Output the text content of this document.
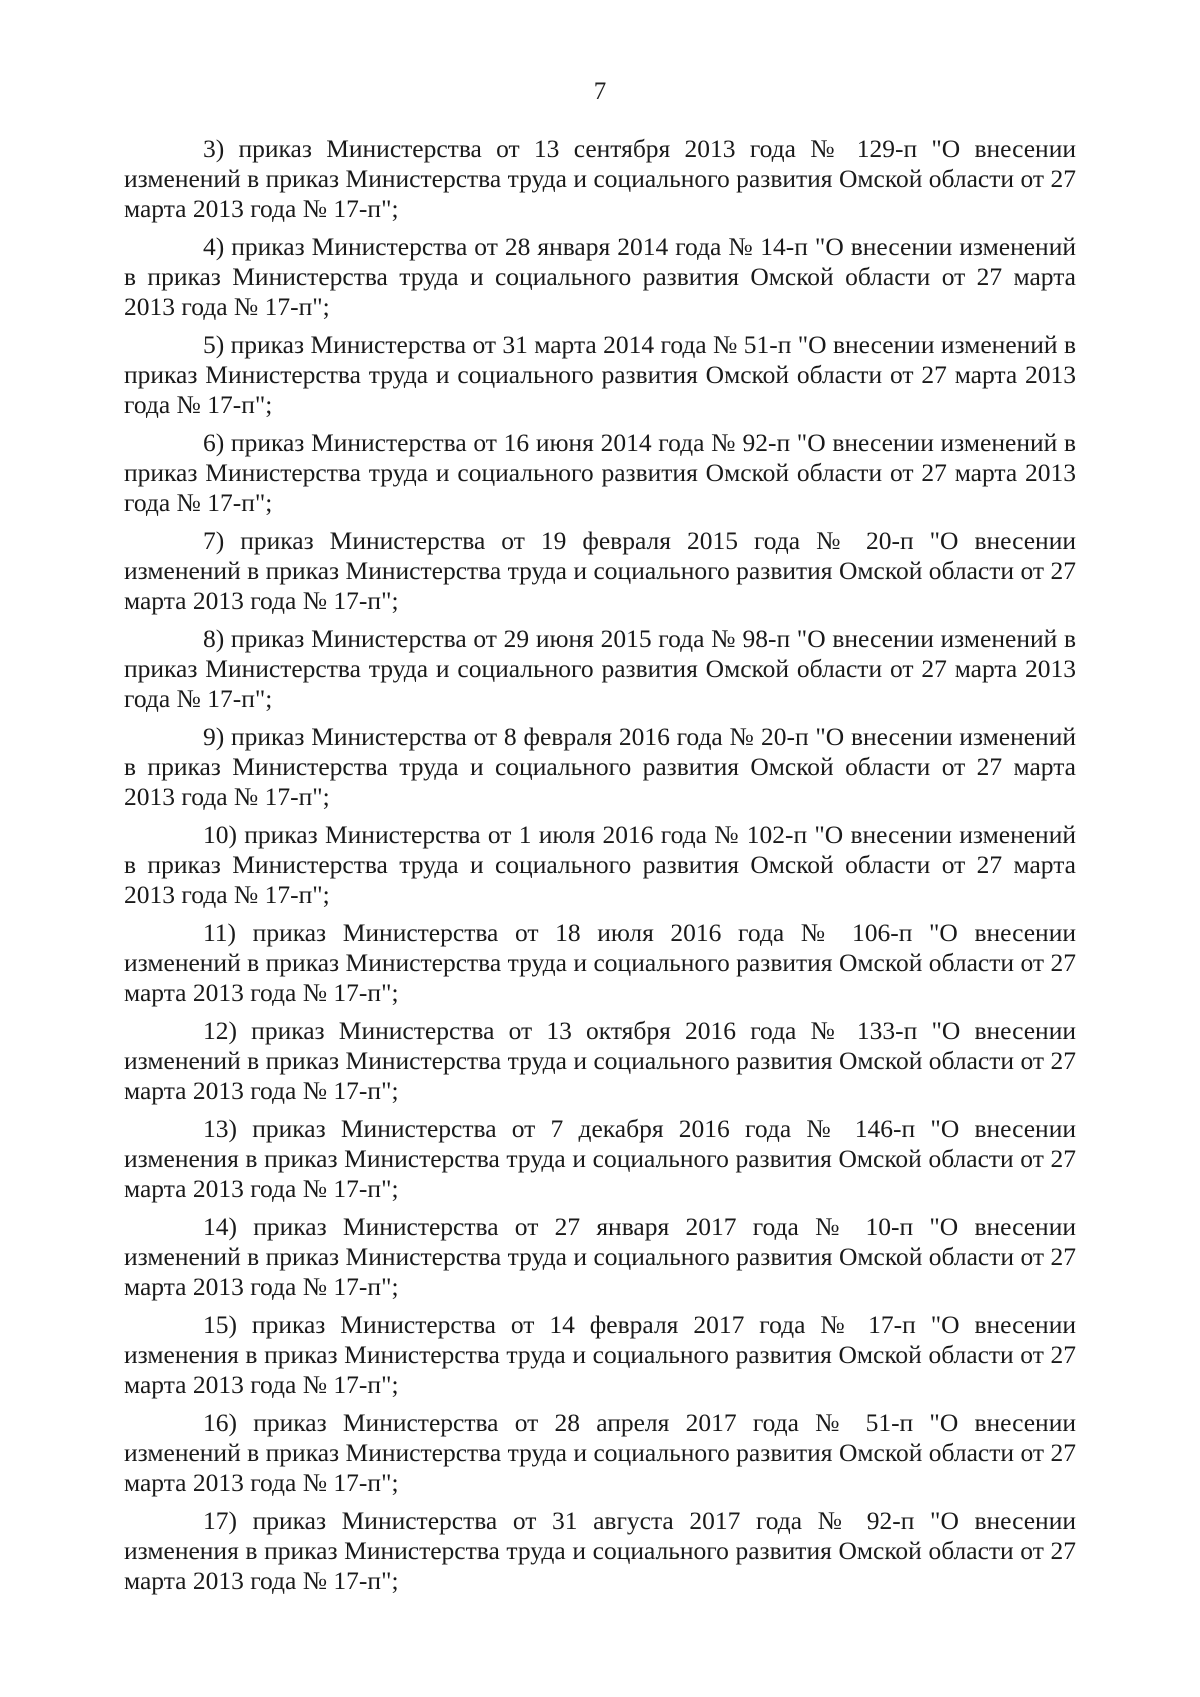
7

3) приказ Министерства от 13 сентября 2013 года № 129-п "О внесении изменений в приказ Министерства труда и социального развития Омской области от 27 марта 2013 года № 17-п";

4) приказ Министерства от 28 января 2014 года № 14-п "О внесении изменений в приказ Министерства труда и социального развития Омской области от 27 марта 2013 года № 17-п";

5) приказ Министерства от 31 марта 2014 года № 51-п "О внесении изменений в приказ Министерства труда и социального развития Омской области от 27 марта 2013 года № 17-п";

6) приказ Министерства от 16 июня 2014 года № 92-п "О внесении изменений в приказ Министерства труда и социального развития Омской области от 27 марта 2013 года № 17-п";

7) приказ Министерства от 19 февраля 2015 года № 20-п "О внесении изменений в приказ Министерства труда и социального развития Омской области от 27 марта 2013 года № 17-п";

8) приказ Министерства от 29 июня 2015 года № 98-п "О внесении изменений в приказ Министерства труда и социального развития Омской области от 27 марта 2013 года № 17-п";

9) приказ Министерства от 8 февраля 2016 года № 20-п "О внесении изменений в приказ Министерства труда и социального развития Омской области от 27 марта 2013 года № 17-п";

10) приказ Министерства от 1 июля 2016 года № 102-п "О внесении изменений в приказ Министерства труда и социального развития Омской области от 27 марта 2013 года № 17-п";

11) приказ Министерства от 18 июля 2016 года № 106-п "О внесении изменений в приказ Министерства труда и социального развития Омской области от 27 марта 2013 года № 17-п";

12) приказ Министерства от 13 октября 2016 года № 133-п "О внесении изменений в приказ Министерства труда и социального развития Омской области от 27 марта 2013 года № 17-п";

13) приказ Министерства от 7 декабря 2016 года № 146-п "О внесении изменения в приказ Министерства труда и социального развития Омской области от 27 марта 2013 года № 17-п";

14) приказ Министерства от 27 января 2017 года № 10-п "О внесении изменений в приказ Министерства труда и социального развития Омской области от 27 марта 2013 года № 17-п";

15) приказ Министерства от 14 февраля 2017 года № 17-п "О внесении изменения в приказ Министерства труда и социального развития Омской области от 27 марта 2013 года № 17-п";

16) приказ Министерства от 28 апреля 2017 года № 51-п "О внесении изменений в приказ Министерства труда и социального развития Омской области от 27 марта 2013 года № 17-п";

17) приказ Министерства от 31 августа 2017 года № 92-п "О внесении изменения в приказ Министерства труда и социального развития Омской области от 27 марта 2013 года № 17-п";
